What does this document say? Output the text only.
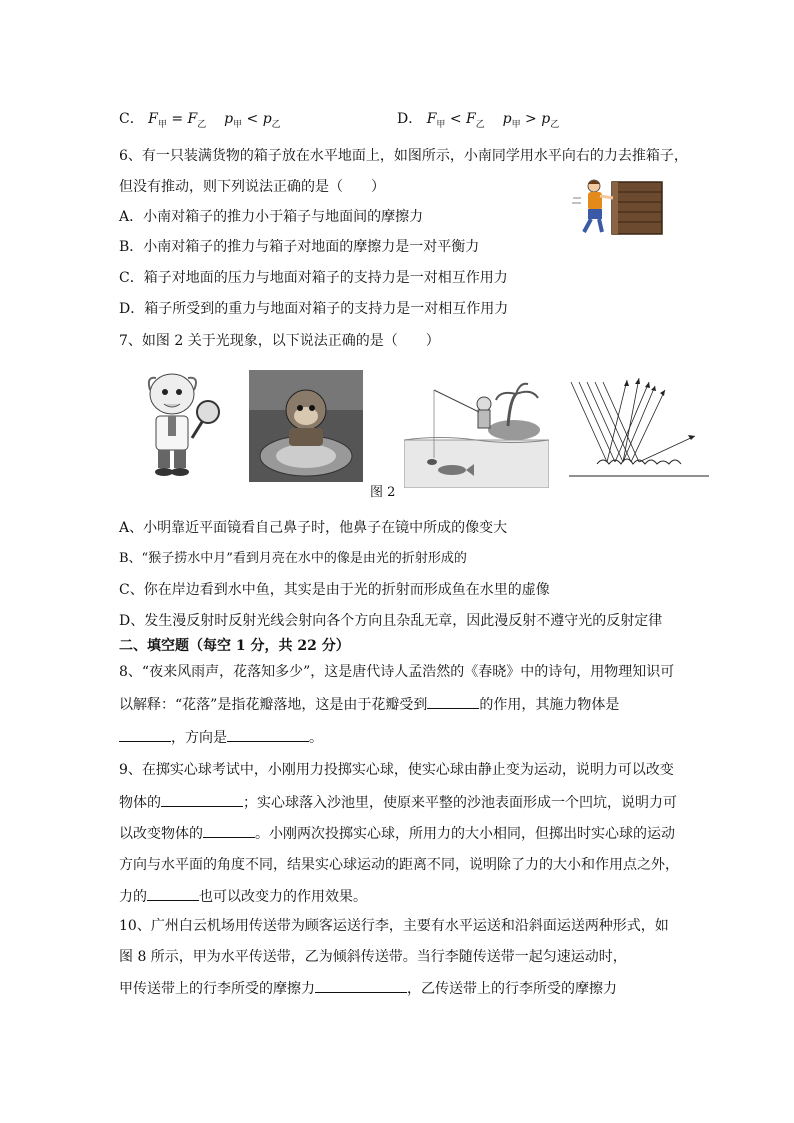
C． $F_甲 = F_乙$ $p_甲 < p_乙$	D． $F_甲 < F_乙$ $p_甲 > p_乙$
6、有一只装满货物的箱子放在水平地面上，如图所示，小南同学用水平向右的力去推箱子，
但没有推动，则下列说法正确的是（　　）
A．小南对箱子的推力小于箱子与地面间的摩擦力
B．小南对箱子的推力与箱子对地面的摩擦力是一对平衡力
C．箱子对地面的压力与地面对箱子的支持力是一对相互作用力
D．箱子所受到的重力与地面对箱子的支持力是一对相互作用力
7、如图 2 关于光现象，以下说法正确的是（　　）
图 2
A、小明靠近平面镜看自己鼻子时，他鼻子在镜中所成的像变大
B、“猴子捞水中月”看到月亮在水中的像是由光的折射形成的
C、你在岸边看到水中鱼，其实是由于光的折射而形成鱼在水里的虚像
D、发生漫反射时反射光线会射向各个方向且杂乱无章，因此漫反射不遵守光的反射定律
二、填空题（每空 1 分，共 22 分）
8、“夜来风雨声，花落知多少”，这是唐代诗人孟浩然的《春晓》中的诗句，用物理知识可
以解释：“花落”是指花瓣落地，这是由于花瓣受到	的作用，其施力物体是
，方向是	。
9、在掷实心球考试中，小刚用力投掷实心球，使实心球由静止变为运动，说明力可以改变
物体的	；实心球落入沙池里，使原来平整的沙池表面形成一个凹坑，说明力可
以改变物体的	。小刚两次投掷实心球，所用力的大小相同，但掷出时实心球的运动
方向与水平面的角度不同，结果实心球运动的距离不同，说明除了力的大小和作用点之外，
力的	也可以改变力的作用效果。
10、广州白云机场用传送带为顾客运送行李，主要有水平运送和沿斜面运送两种形式，如
图 8 所示，甲为水平传送带，乙为倾斜传送带。当行李随传送带一起匀速运动时，
甲传送带上的行李所受的摩擦力	，乙传送带上的行李所受的摩擦力
